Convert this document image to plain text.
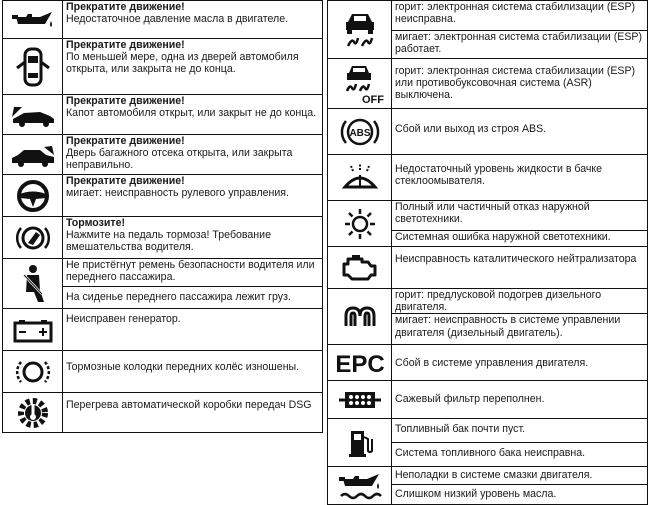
Прекратите движение!
Недостаточное давление масла в двигателе.

Прекратите движение!
По меньшей мере, одна из дверей автомобиля открыта, или закрыта не до конца.

Прекратите движение!
Капот автомобиля открыт, или закрыт не до конца.

Прекратите движение!
Дверь багажного отсека открыта, или закрыта неправильно.

Прекратите движение!
мигает: неисправность рулевого управления.

Тормозите!
Нажмите на педаль тормоза! Требование вмешательства водителя.

Не пристёгнут ремень безопасности водителя или переднего пассажира.

	На сиденье переднего пассажира лежит груз.

Неисправен генератор.

Тормозные колодки передних колёс изношены.

Перегрева автоматической коробки передач DSG

горит: электронная система стабилизации (ESP) неисправна.

	мигает: электронная система стабилизации (ESP) работает.

OFF	горит: электронная система стабилизации (ESP) или противобуксовочная система (ASR) выключена.

ABS	Сбой или выход из строя ABS.

Недостаточный уровень жидкости в бачке стеклоомывателя.

Полный или частичный отказ наружной светотехники.

	Системная ошибка наружной светотехники.

Неисправность каталитического нейтрализатора

горит: предлусковой подогрев дизельного двигателя.

	мигает: неисправность в системе управлении двигателя (дизельный двигатель).

EPC	Сбой в системе управления двигателя.

Сажевый фильтр переполнен.

Топливный бак почти пуст.

	Система топливного бака неисправна.

Неполадки в системе смазки двигателя.

	Слишком низкий уровень масла.
